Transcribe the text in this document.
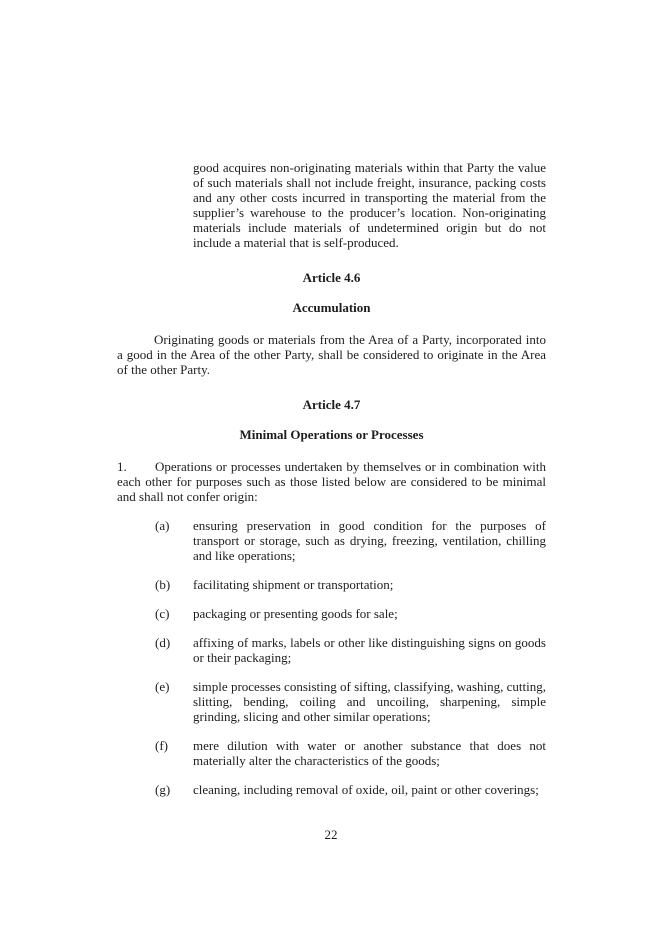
good acquires non-originating materials within that Party the value of such materials shall not include freight, insurance, packing costs and any other costs incurred in transporting the material from the supplier’s warehouse to the producer’s location. Non-originating materials include materials of undetermined origin but do not include a material that is self-produced.

Article 4.6

Accumulation

Originating goods or materials from the Area of a Party, incorporated into a good in the Area of the other Party, shall be considered to originate in the Area of the other Party.

Article 4.7

Minimal Operations or Processes

1. Operations or processes undertaken by themselves or in combination with each other for purposes such as those listed below are considered to be minimal and shall not confer origin:

(a) ensuring preservation in good condition for the purposes of transport or storage, such as drying, freezing, ventilation, chilling and like operations;
(b) facilitating shipment or transportation;
(c) packaging or presenting goods for sale;
(d) affixing of marks, labels or other like distinguishing signs on goods or their packaging;
(e) simple processes consisting of sifting, classifying, washing, cutting, slitting, bending, coiling and uncoiling, sharpening, simple grinding, slicing and other similar operations;
(f) mere dilution with water or another substance that does not materially alter the characteristics of the goods;
(g) cleaning, including removal of oxide, oil, paint or other coverings;
22
